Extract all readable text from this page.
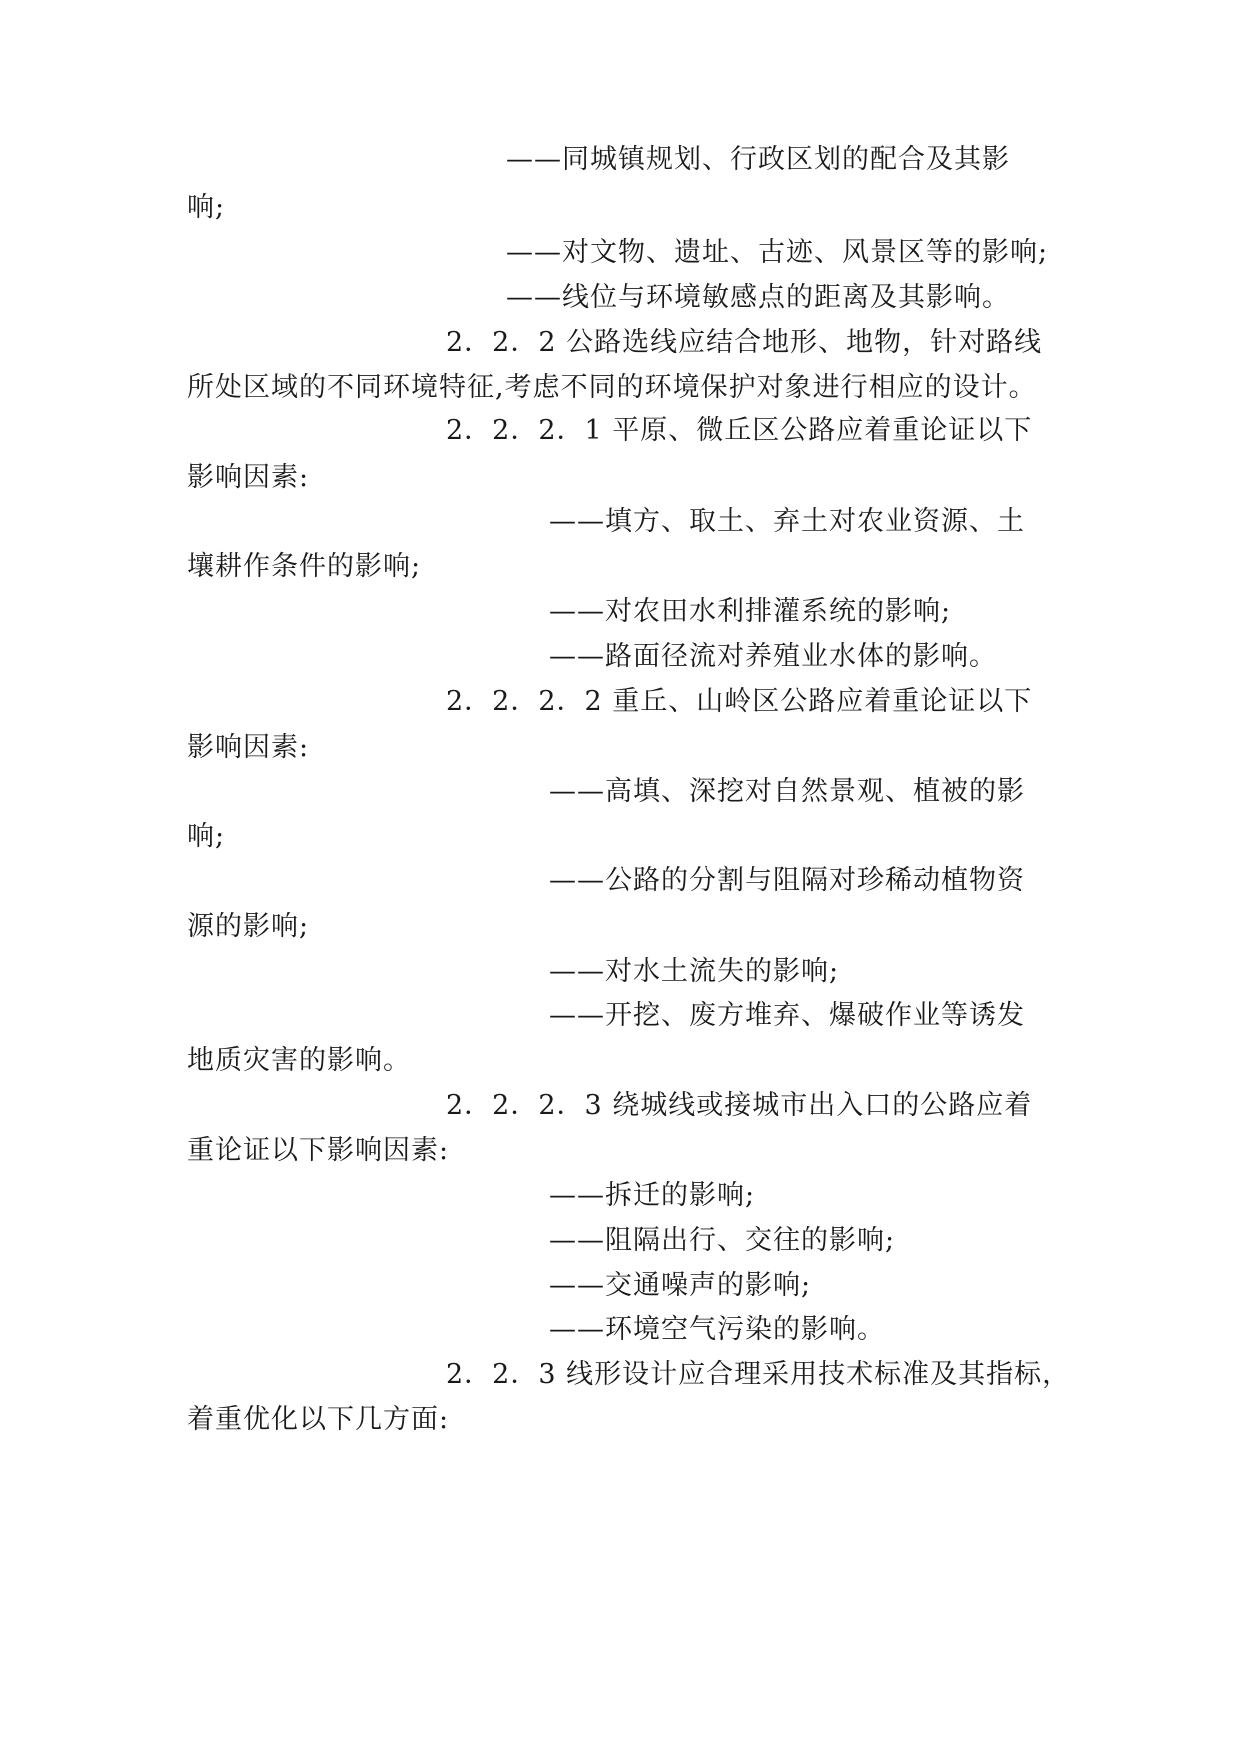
——同城镇规划、行政区划的配合及其影

响;

——对文物、遗址、古迹、风景区等的影响;

——线位与环境敏感点的距离及其影响。

2．2．2 公路选线应结合地形、地物，针对路线

所处区域的不同环境特征,考虑不同的环境保护对象进行相应的设计。

2．2．2．1 平原、微丘区公路应着重论证以下

影响因素:

——填方、取土、弃土对农业资源、土

壤耕作条件的影响;

——对农田水利排灌系统的影响;

——路面径流对养殖业水体的影响。

2．2．2．2 重丘、山岭区公路应着重论证以下

影响因素:

——高填、深挖对自然景观、植被的影

响;

——公路的分割与阻隔对珍稀动植物资

源的影响;

——对水土流失的影响;

——开挖、废方堆弃、爆破作业等诱发

地质灾害的影响。

2．2．2．3 绕城线或接城市出入口的公路应着

重论证以下影响因素:

——拆迁的影响;

——阻隔出行、交往的影响;

——交通噪声的影响;

——环境空气污染的影响。

2．2．3 线形设计应合理采用技术标准及其指标，

着重优化以下几方面:
